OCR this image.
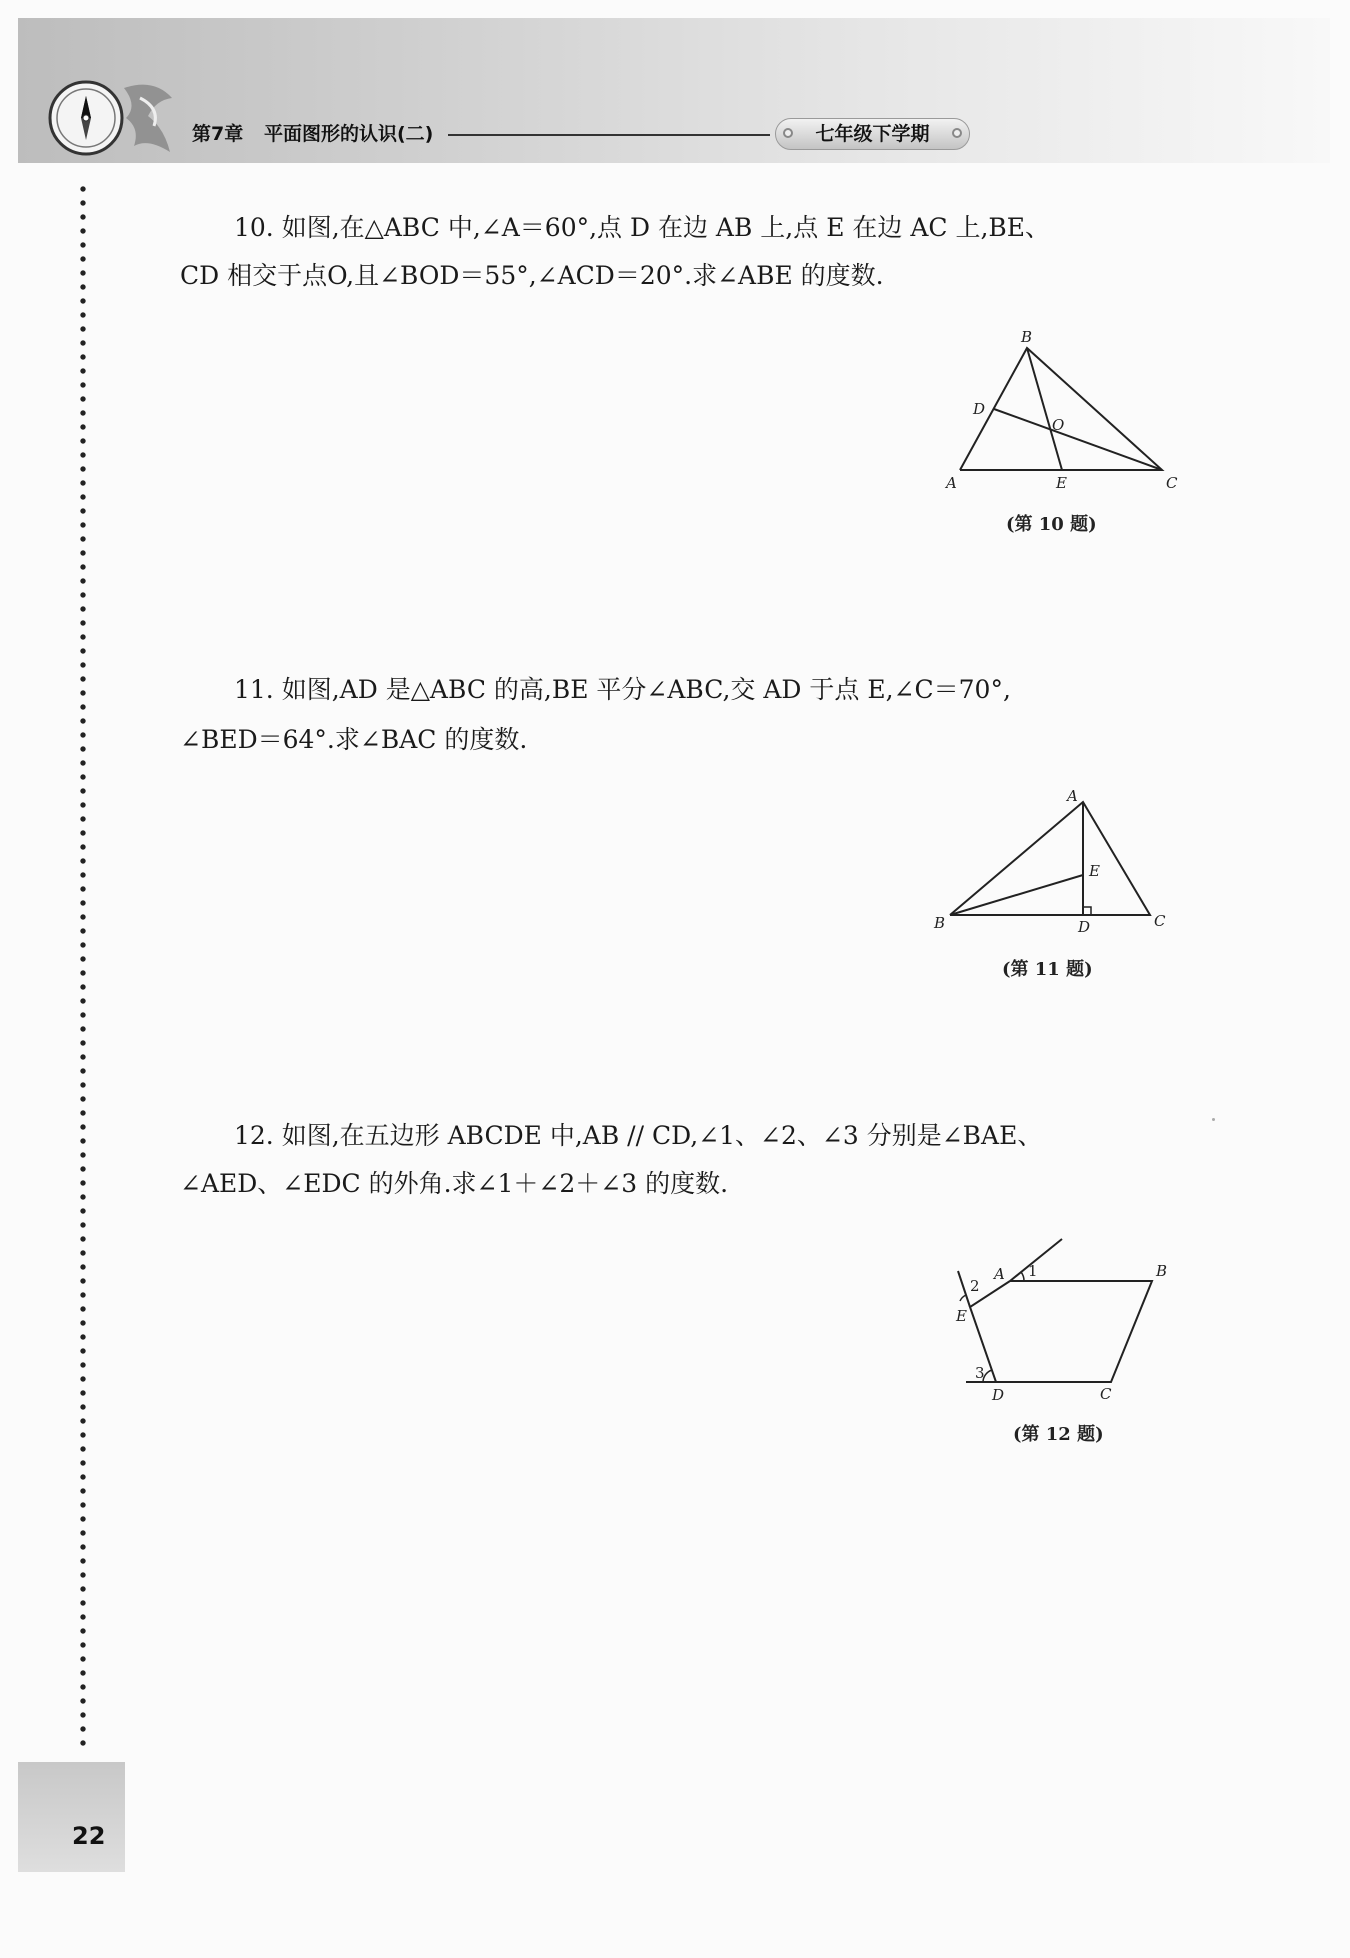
第7章 平面图形的认识(二)	七年级下学期
10. 如图,在△ABC 中,∠A＝60°,点 D 在边 AB 上,点 E 在边 AC 上,BE、
CD 相交于点O,且∠BOD＝55°,∠ACD＝20°.求∠ABE 的度数.
A
B
C
D
E
O
(第 10 题)
11. 如图,AD 是△ABC 的高,BE 平分∠ABC,交 AD 于点 E,∠C＝70°,
∠BED＝64°.求∠BAC 的度数.
B
A
C
D
E
(第 11 题)
12. 如图,在五边形 ABCDE 中,AB // CD,∠1、∠2、∠3 分别是∠BAE、
∠AED、∠EDC 的外角.求∠1＋∠2＋∠3 的度数.
A	B
C
D
E
1
2
3
(第 12 题)
22
